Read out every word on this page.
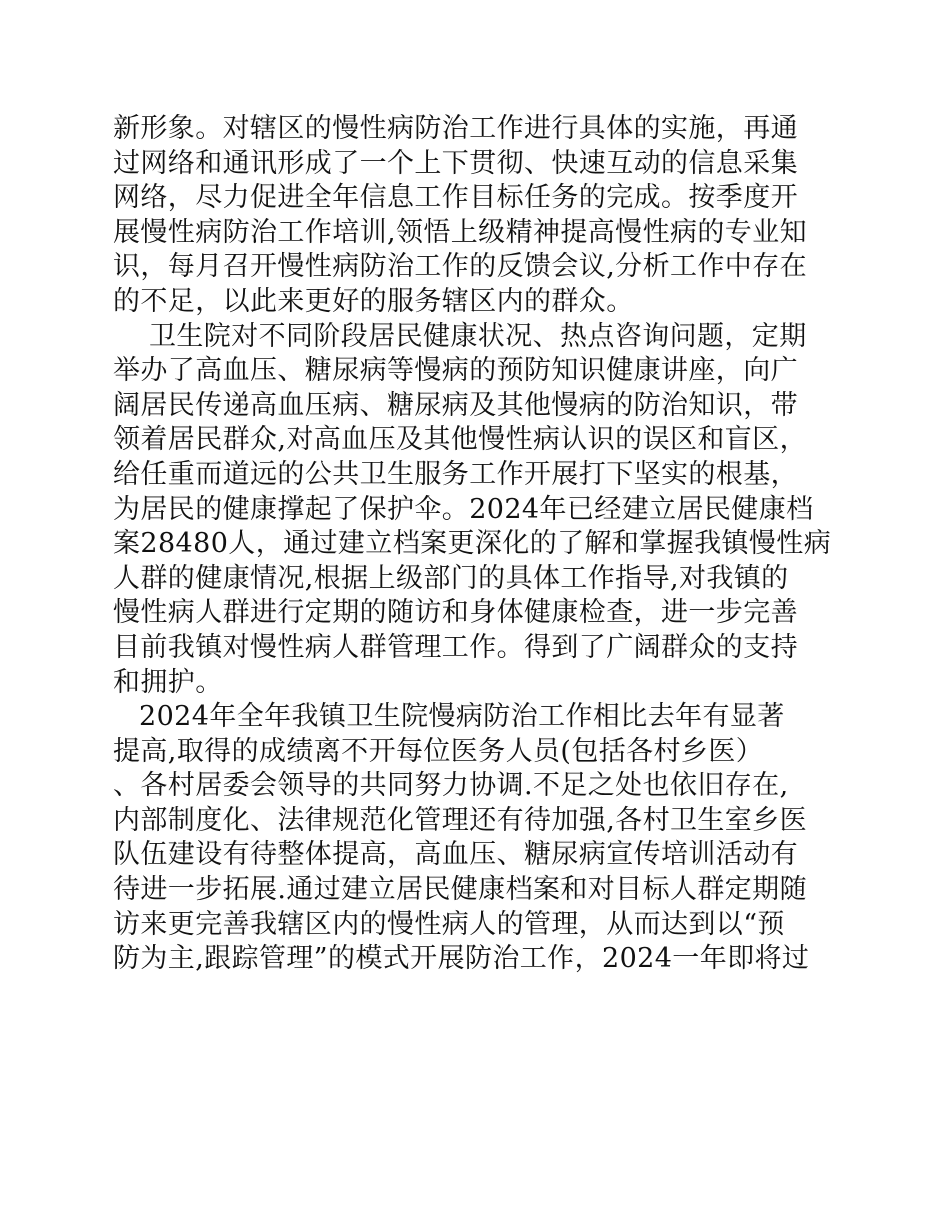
新形象。对辖区的慢性病防治工作进行具体的实施，再通
过网络和通讯形成了一个上下贯彻、快速互动的信息采集
网络，尽力促进全年信息工作目标任务的完成。按季度开
展慢性病防治工作培训,领悟上级精神提高慢性病的专业知
识，每月召开慢性病防治工作的反馈会议,分析工作中存在
的不足，以此来更好的服务辖区内的群众。
卫生院对不同阶段居民健康状况、热点咨询问题，定期
举办了高血压、糖尿病等慢病的预防知识健康讲座，向广
阔居民传递高血压病、糖尿病及其他慢病的防治知识，带
领着居民群众,对高血压及其他慢性病认识的误区和盲区，
给任重而道远的公共卫生服务工作开展打下坚实的根基，
为居民的健康撑起了保护伞。2024年已经建立居民健康档
案28480人，通过建立档案更深化的了解和掌握我镇慢性病
人群的健康情况,根据上级部门的具体工作指导,对我镇的
慢性病人群进行定期的随访和身体健康检查，进一步完善
目前我镇对慢性病人群管理工作。得到了广阔群众的支持
和拥护。
2024年全年我镇卫生院慢病防治工作相比去年有显著
提高,取得的成绩离不开每位医务人员(包括各村乡医）
、各村居委会领导的共同努力协调.不足之处也依旧存在,
内部制度化、法律规范化管理还有待加强,各村卫生室乡医
队伍建设有待整体提高，高血压、糖尿病宣传培训活动有
待进一步拓展.通过建立居民健康档案和对目标人群定期随
访来更完善我辖区内的慢性病人的管理，从而达到以“预
防为主,跟踪管理”的模式开展防治工作，2024一年即将过
